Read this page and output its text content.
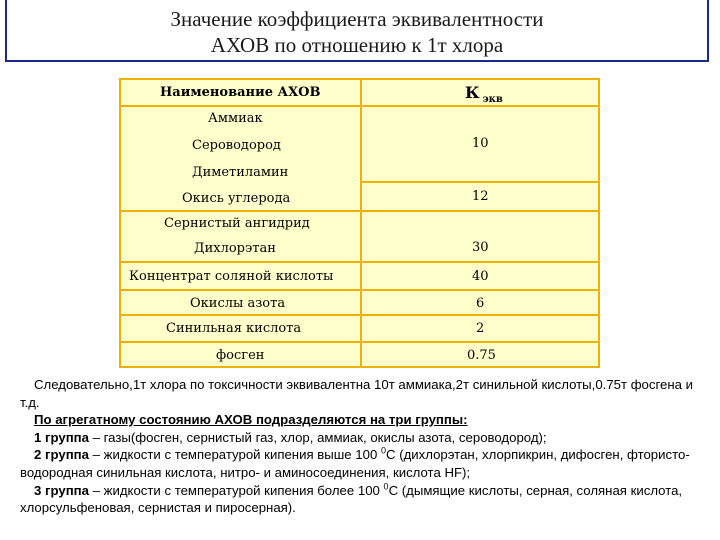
Значение коэффициента эквивалентности
АХОВ по отношению к 1т хлора
Наименование АХОВ	К $_{экв}$
Аммиак
Сероводород
Диметиламин
Окись углерода
Сернистый ангидрид
Дихлорэтан
Концентрат соляной кислоты
Окислы азота
Синильная кислота
фосген
10
12
30
40
6
2
0.75

Следовательно,1т хлора по токсичности эквивалентна 10т аммиака,2т синильной кислоты,0.75т фосгена и т.д.

По агрегатному состоянию АХОВ подразделяются на три группы:

1 группа – газы(фосген, сернистый газ, хлор, аммиак, окислы азота, сероводород);

2 группа – жидкости с температурой кипения выше 100 $^0$С (дихлорэтан, хлорпикрин, дифосген, фтористо-водородная синильная кислота, нитро- и аминосоединения, кислота HF);

3 группа – жидкости с температурой кипения более 100 $^0$С (дымящие кислоты, серная, соляная кислота, хлорсульфеновая, сернистая и пиросерная).
